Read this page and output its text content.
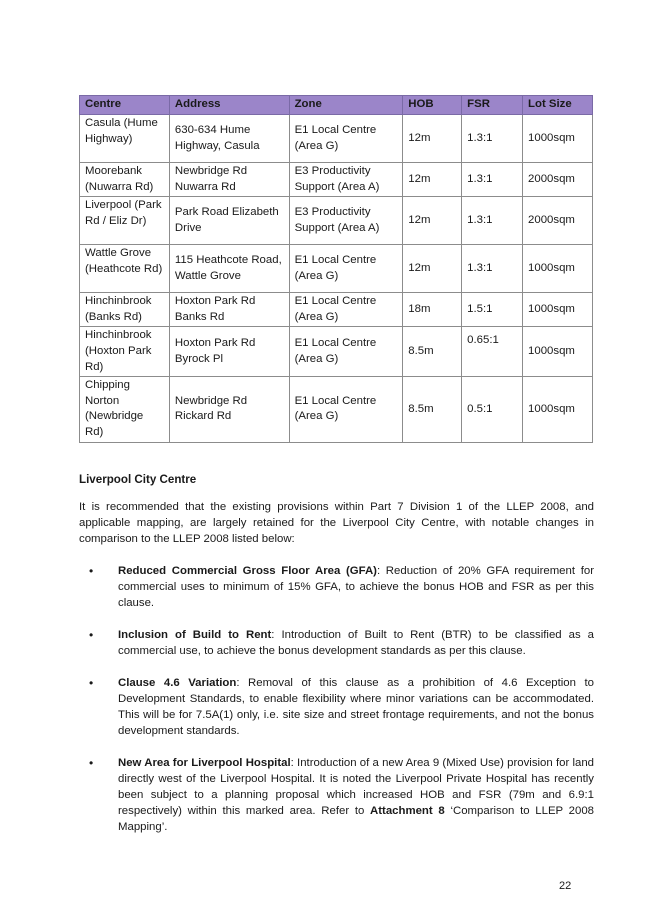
Centre	Address	Zone	HOB	FSR	Lot Size
Casula (Hume Highway)	630-634 Hume Highway, Casula	E1 Local Centre (Area G)	12m	1.3:1	1000sqm
Moorebank (Nuwarra Rd)	Newbridge Rd Nuwarra Rd	E3 Productivity Support (Area A)	12m	1.3:1	2000sqm
Liverpool (Park Rd / Eliz Dr)	Park Road Elizabeth Drive	E3 Productivity Support (Area A)	12m	1.3:1	2000sqm
Wattle Grove (Heathcote Rd)	115 Heathcote Road, Wattle Grove	E1 Local Centre (Area G)	12m	1.3:1	1000sqm
Hinchinbrook (Banks Rd)	Hoxton Park Rd Banks Rd	E1 Local Centre (Area G)	18m	1.5:1	1000sqm
Hinchinbrook (Hoxton Park Rd)	Hoxton Park Rd Byrock Pl	E1 Local Centre (Area G)	8.5m	0.65:1	1000sqm
Chipping Norton (Newbridge Rd)	Newbridge Rd Rickard Rd	E1 Local Centre (Area G)	8.5m	0.5:1	1000sqm
Liverpool City Centre

It is recommended that the existing provisions within Part 7 Division 1 of the LLEP 2008, and applicable mapping, are largely retained for the Liverpool City Centre, with notable changes in comparison to the LLEP 2008 listed below:

• Reduced Commercial Gross Floor Area (GFA): Reduction of 20% GFA requirement for commercial uses to minimum of 15% GFA, to achieve the bonus HOB and FSR as per this clause.
• Inclusion of Build to Rent: Introduction of Built to Rent (BTR) to be classified as a commercial use, to achieve the bonus development standards as per this clause.
• Clause 4.6 Variation: Removal of this clause as a prohibition of 4.6 Exception to Development Standards, to enable flexibility where minor variations can be accommodated. This will be for 7.5A(1) only, i.e. site size and street frontage requirements, and not the bonus development standards.
• New Area for Liverpool Hospital: Introduction of a new Area 9 (Mixed Use) provision for land directly west of the Liverpool Hospital. It is noted the Liverpool Private Hospital has recently been subject to a planning proposal which increased HOB and FSR (79m and 6.9:1 respectively) within this marked area. Refer to Attachment 8 ‘Comparison to LLEP 2008 Mapping’.
22
